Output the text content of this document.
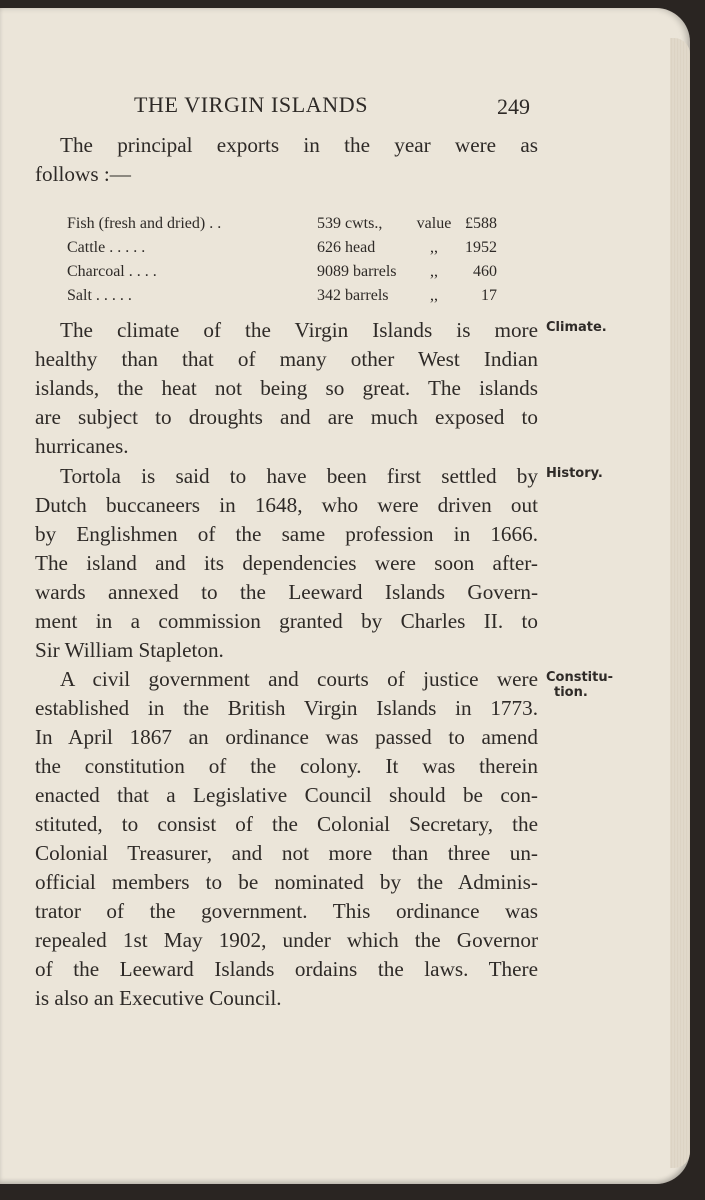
THE VIRGIN ISLANDS	249

The principal exports in the year were as
follows :—

Fish (fresh and dried) . .	539 cwts.,	value	£588
Cattle . . . . .	626 head	,,	1952
Charcoal . . . .	9089 barrels	,,	460
Salt . . . . .	342 barrels	,,	17

The climate of the Virgin Islands is more
healthy than that of many other West Indian
islands, the heat not being so great. The islands
are subject to droughts and are much exposed to
hurricanes.

Climate.

Tortola is said to have been first settled by
Dutch buccaneers in 1648, who were driven out
by Englishmen of the same profession in 1666.
The island and its dependencies were soon after-
wards annexed to the Leeward Islands Govern-
ment in a commission granted by Charles II. to
Sir William Stapleton.

History.

A civil government and courts of justice were
established in the British Virgin Islands in 1773.
In April 1867 an ordinance was passed to amend
the constitution of the colony. It was therein
enacted that a Legislative Council should be con-
stituted, to consist of the Colonial Secretary, the
Colonial Treasurer, and not more than three un-
official members to be nominated by the Adminis-
trator of the government. This ordinance was
repealed 1st May 1902, under which the Governor
of the Leeward Islands ordains the laws. There
is also an Executive Council.

Constitu-
tion.
